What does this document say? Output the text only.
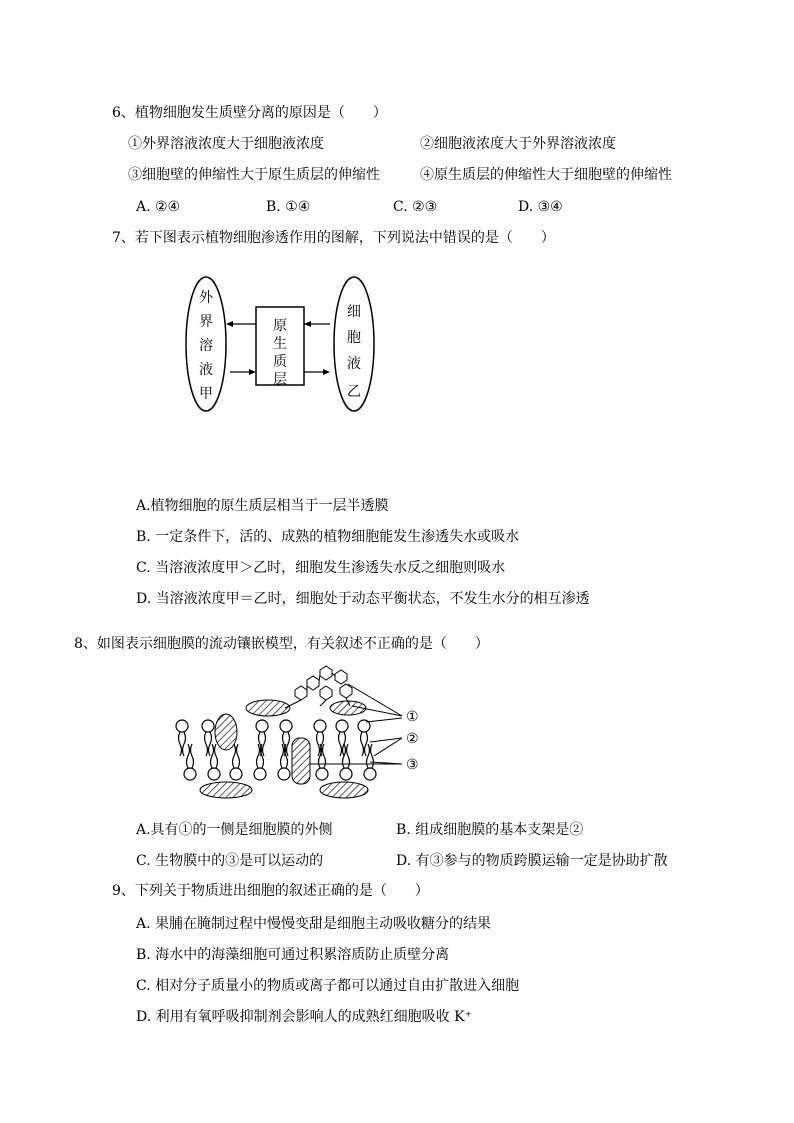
6、植物细胞发生质壁分离的原因是（　　）
①外界溶液浓度大于细胞液浓度	②细胞液浓度大于外界溶液浓度
③细胞壁的伸缩性大于原生质层的伸缩性	④原生质层的伸缩性大于细胞壁的伸缩性
A. ②④	B. ①④	C. ②③	D. ③④
7、若下图表示植物细胞渗透作用的图解，下列说法中错误的是（　　）
外
界
溶
液
甲
原
生
质
层
细
胞
液
乙
A.植物细胞的原生质层相当于一层半透膜
B. 一定条件下，活的、成熟的植物细胞能发生渗透失水或吸水
C. 当溶液浓度甲＞乙时，细胞发生渗透失水反之细胞则吸水
D. 当溶液浓度甲＝乙时，细胞处于动态平衡状态，不发生水分的相互渗透
8、如图表示细胞膜的流动镶嵌模型，有关叙述不正确的是（　　）
①
②
③
A.具有①的一侧是细胞膜的外侧	B. 组成细胞膜的基本支架是②
C. 生物膜中的③是可以运动的	D. 有③参与的物质跨膜运输一定是协助扩散
9、下列关于物质进出细胞的叙述正确的是（　　）
A. 果脯在腌制过程中慢慢变甜是细胞主动吸收糖分的结果
B. 海水中的海藻细胞可通过积累溶质防止质壁分离
C. 相对分子质量小的物质或离子都可以通过自由扩散进入细胞
D. 利用有氧呼吸抑制剂会影响人的成熟红细胞吸收 K⁺
